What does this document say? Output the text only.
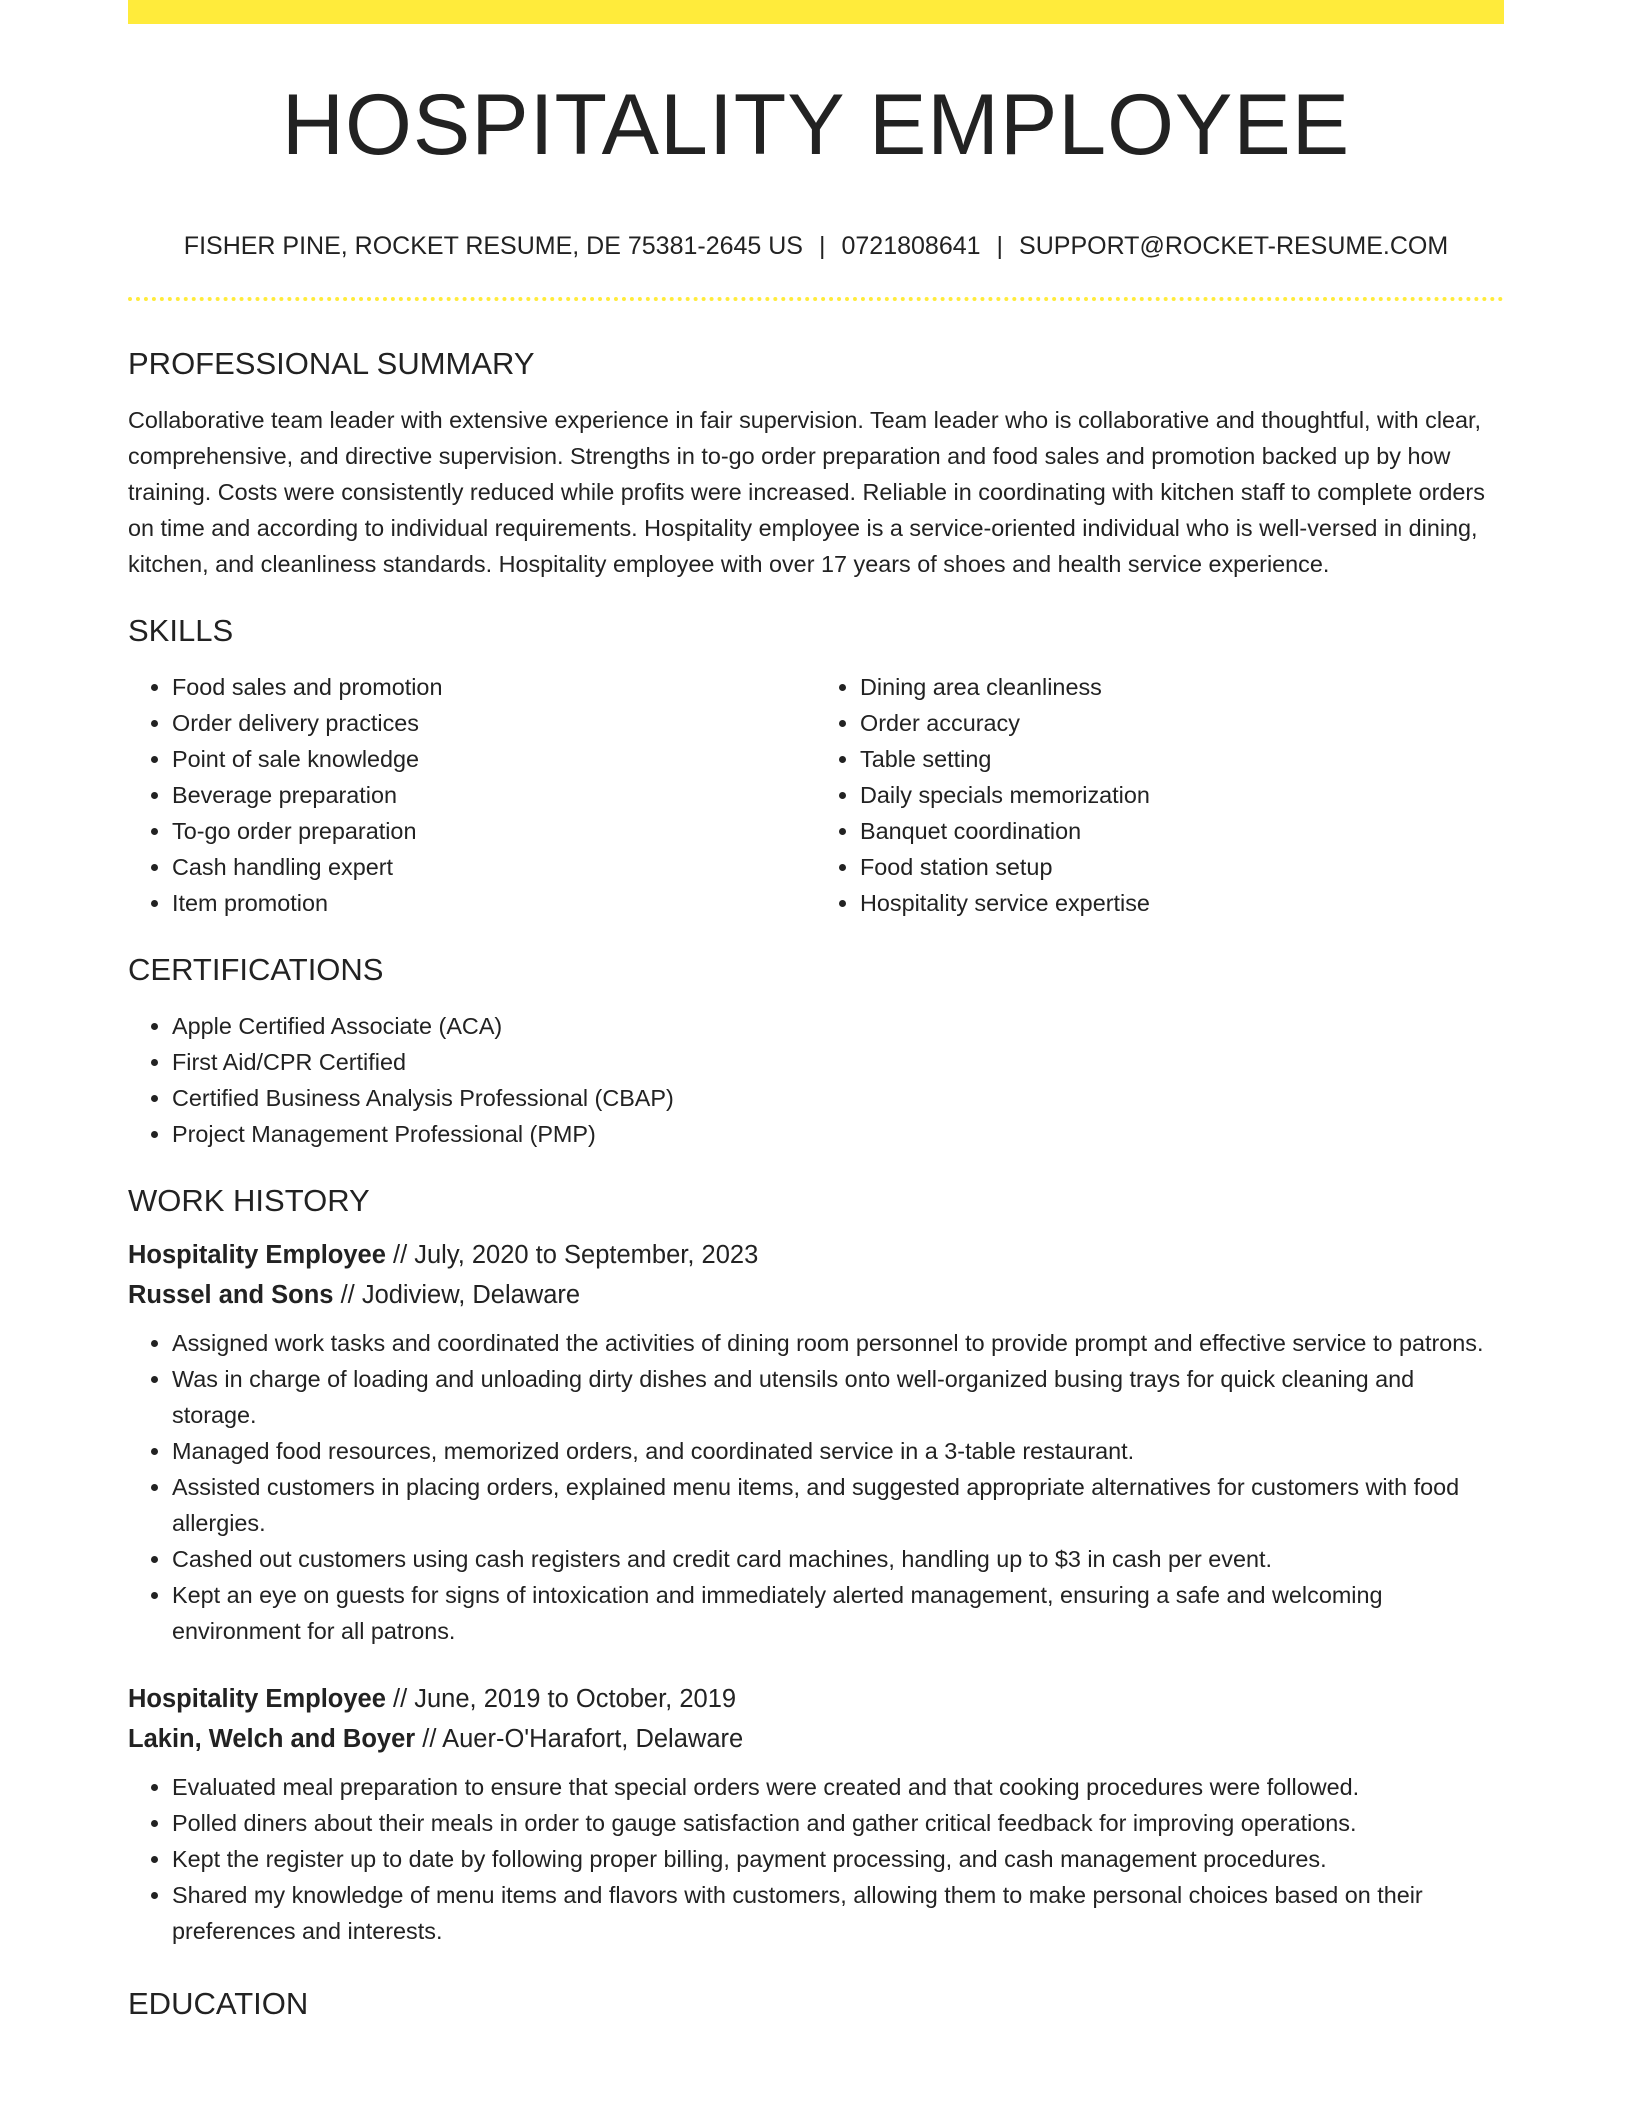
HOSPITALITY EMPLOYEE
FISHER PINE, ROCKET RESUME, DE 75381-2645 US | 0721808641 | SUPPORT@ROCKET-RESUME.COM
PROFESSIONAL SUMMARY

Collaborative team leader with extensive experience in fair supervision. Team leader who is collaborative and thoughtful, with clear, comprehensive, and directive supervision. Strengths in to-go order preparation and food sales and promotion backed up by how training. Costs were consistently reduced while profits were increased. Reliable in coordinating with kitchen staff to complete orders on time and according to individual requirements. Hospitality employee is a service-oriented individual who is well-versed in dining, kitchen, and cleanliness standards. Hospitality employee with over 17 years of shoes and health service experience.

SKILLS
• Food sales and promotion
• Order delivery practices
• Point of sale knowledge
• Beverage preparation
• To-go order preparation
• Cash handling expert
• Item promotion
• Dining area cleanliness
• Order accuracy
• Table setting
• Daily specials memorization
• Banquet coordination
• Food station setup
• Hospitality service expertise
CERTIFICATIONS
• Apple Certified Associate (ACA)
• First Aid/CPR Certified
• Certified Business Analysis Professional (CBAP)
• Project Management Professional (PMP)
WORK HISTORY
Hospitality Employee // July, 2020 to September, 2023
Russel and Sons // Jodiview, Delaware
• Assigned work tasks and coordinated the activities of dining room personnel to provide prompt and effective service to patrons.
• Was in charge of loading and unloading dirty dishes and utensils onto well-organized busing trays for quick cleaning and storage.
• Managed food resources, memorized orders, and coordinated service in a 3-table restaurant.
• Assisted customers in placing orders, explained menu items, and suggested appropriate alternatives for customers with food allergies.
• Cashed out customers using cash registers and credit card machines, handling up to $3 in cash per event.
• Kept an eye on guests for signs of intoxication and immediately alerted management, ensuring a safe and welcoming environment for all patrons.
Hospitality Employee // June, 2019 to October, 2019
Lakin, Welch and Boyer // Auer-O'Harafort, Delaware
• Evaluated meal preparation to ensure that special orders were created and that cooking procedures were followed.
• Polled diners about their meals in order to gauge satisfaction and gather critical feedback for improving operations.
• Kept the register up to date by following proper billing, payment processing, and cash management procedures.
• Shared my knowledge of menu items and flavors with customers, allowing them to make personal choices based on their preferences and interests.
EDUCATION
